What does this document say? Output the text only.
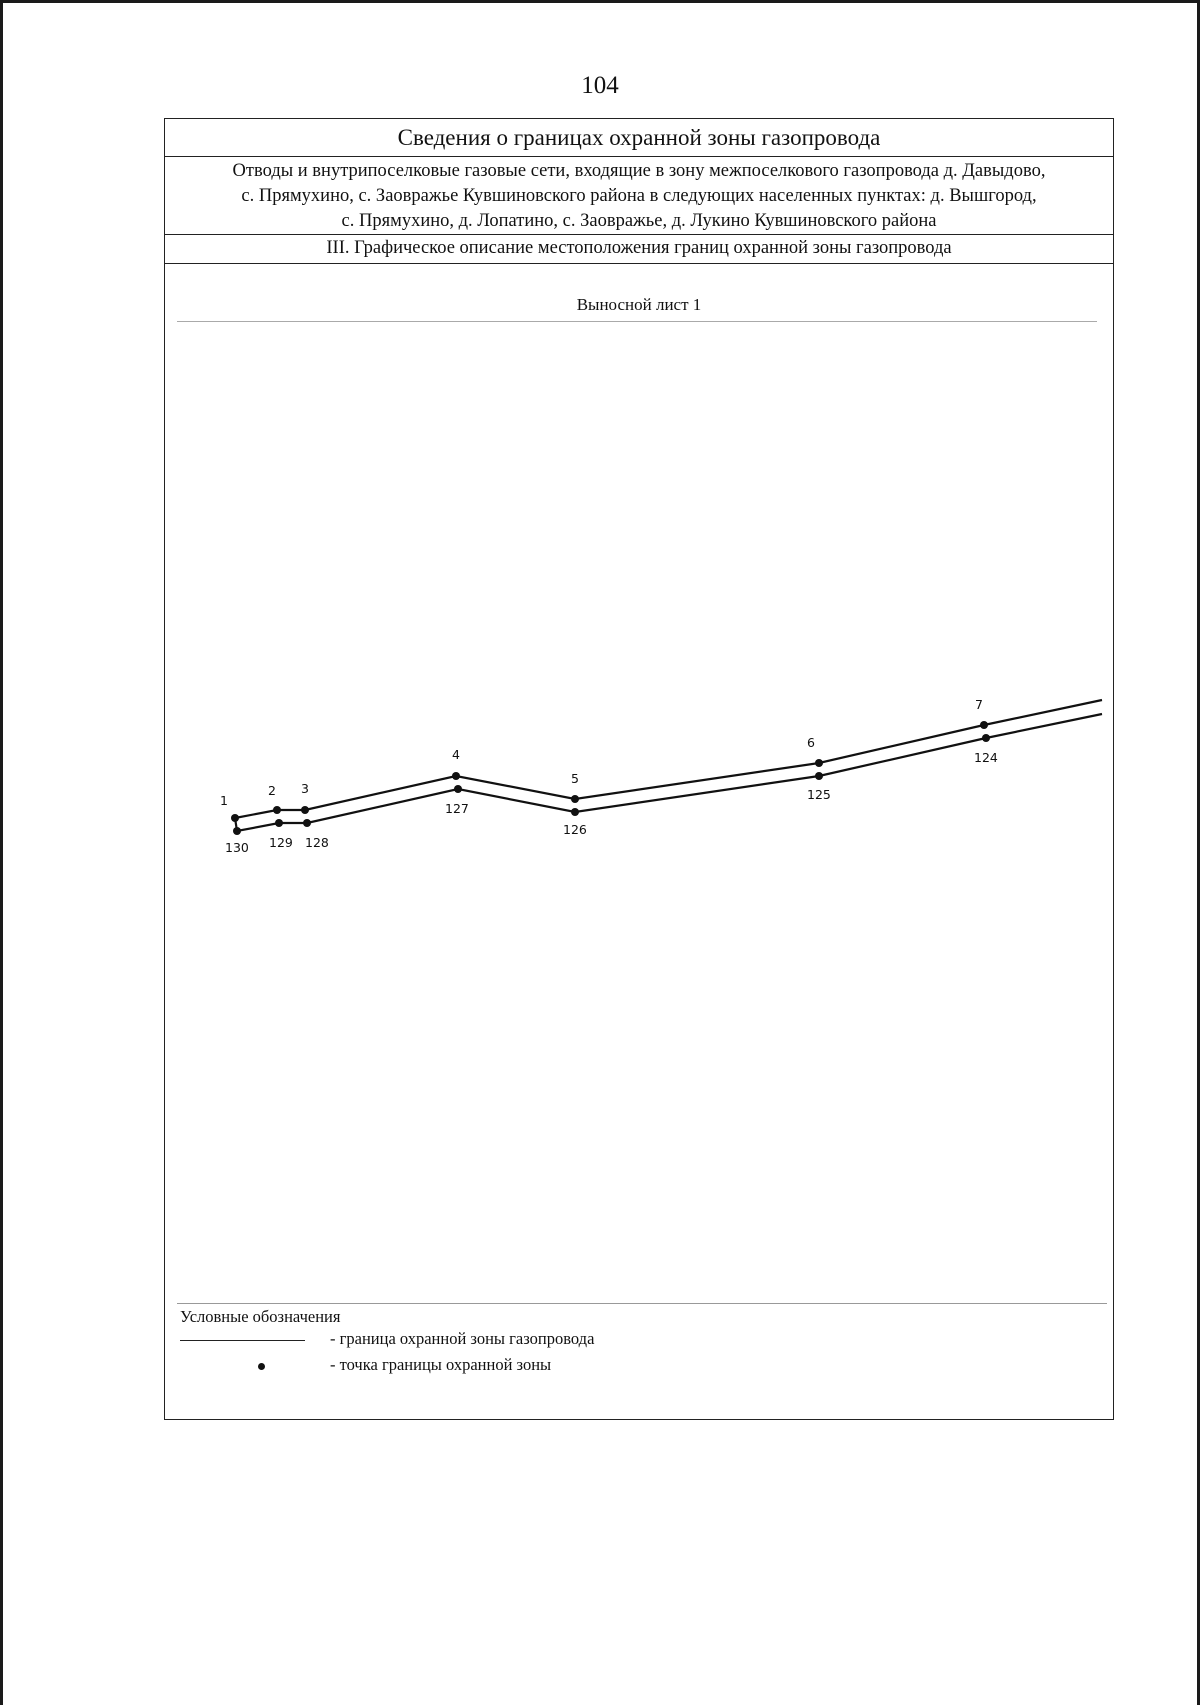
104
Сведения о границах охранной зоны газопровода
Отводы и внутрипоселковые газовые сети, входящие в зону межпоселкового газопровода д. Давыдово,
с. Прямухино, с. Заовражье Кувшиновского района в следующих населенных пунктах: д. Вышгород,
с. Прямухино, д. Лопатино, с. Заовражье, д. Лукино Кувшиновского района
III. Графическое описание местоположения границ охранной зоны газопровода
Выносной лист 1
1
2 3
4
5
6
7
130 129 128
127
126
125
124
Условные обозначения
- граница охранной зоны газопровода
- точка границы охранной зоны
